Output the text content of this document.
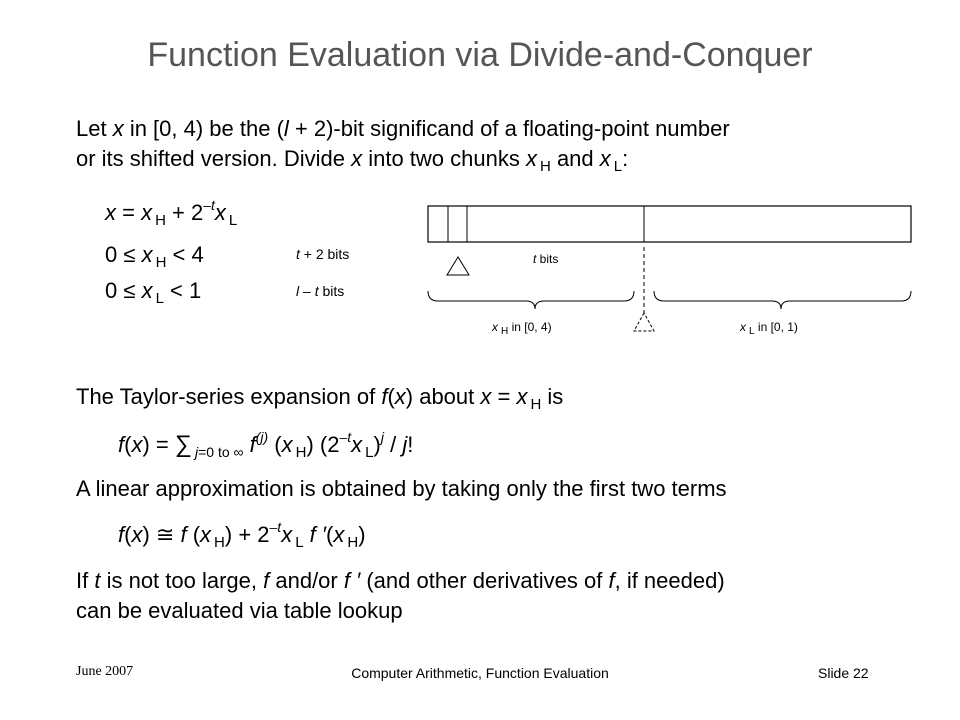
Function Evaluation via Divide-and-Conquer
Let x in [0, 4) be the (l + 2)-bit significand of a floating-point number
or its shifted version. Divide x into two chunks x $_H$ and x $_L$:
x = x $_H + 2^{-t}x$ $_L$
0 ≤ x $_H$ < 4	t + 2 bits
0 ≤ x $_L$ < 1	l – t bits
t bits
x $_H$ in [0, 4)	x $_L$ in [0, 1)
The Taylor-series expansion of f(x) about x = x $_H$ is
f(x) = ∑ $_{j=0 to \infty}$ $f^{(j)}$ (x $_H$) ($2^{-t}x$ $_L$)$^j$ / j!
A linear approximation is obtained by taking only the first two terms
f(x) ≅ f (x $_H) + 2^{-t}x$ $_L$ f ′(x $_H$)
If t is not too large, f and/or f ′ (and other derivatives of f, if needed)
can be evaluated via table lookup
June 2007	Computer Arithmetic, Function Evaluation	Slide 22
